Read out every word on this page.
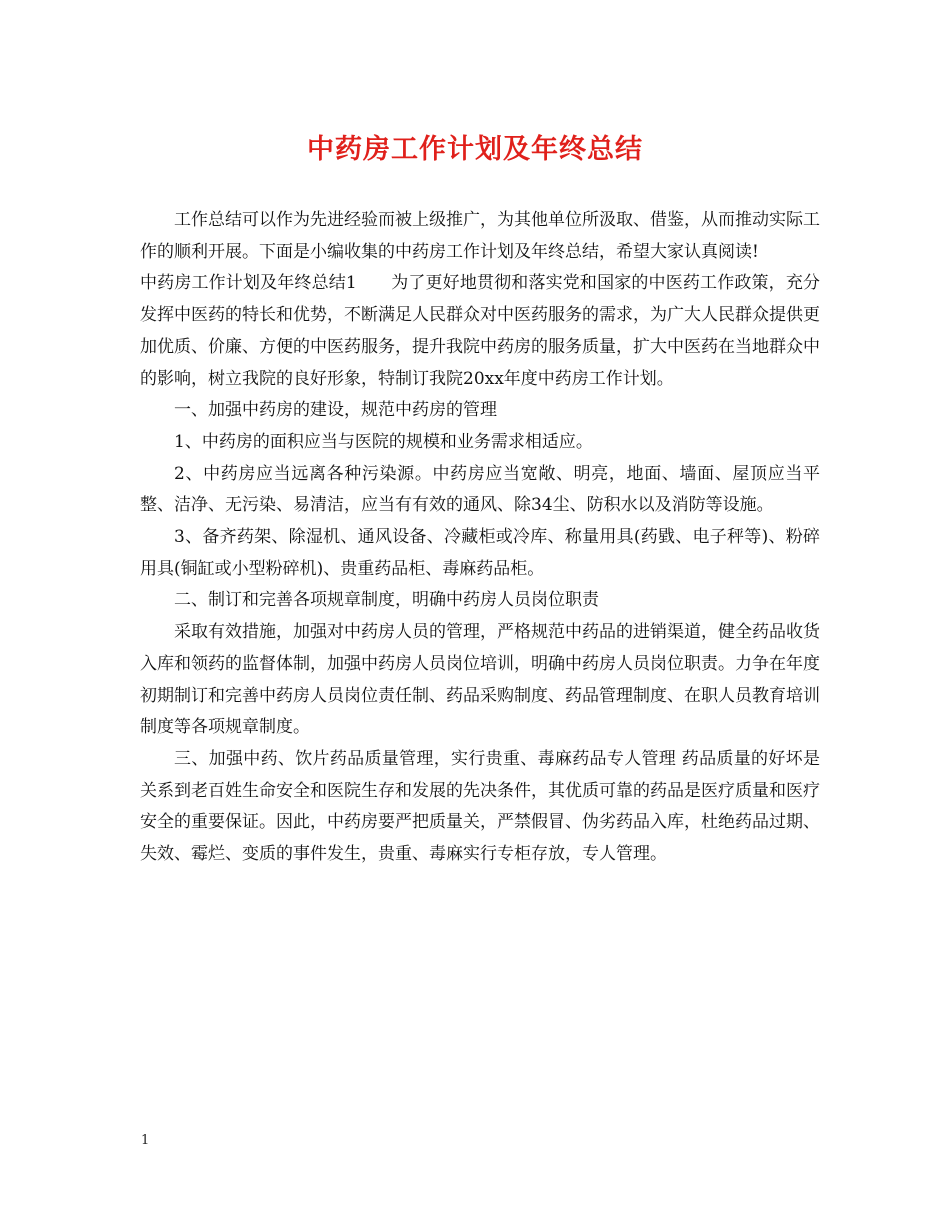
中药房工作计划及年终总结

工作总结可以作为先进经验而被上级推广，为其他单位所汲取、借鉴，从而推动实际工作的顺利开展。下面是小编收集的中药房工作计划及年终总结，希望大家认真阅读!

中药房工作计划及年终总结1　　为了更好地贯彻和落实党和国家的中医药工作政策，充分发挥中医药的特长和优势，不断满足人民群众对中医药服务的需求，为广大人民群众提供更加优质、价廉、方便的中医药服务，提升我院中药房的服务质量，扩大中医药在当地群众中的影响，树立我院的良好形象，特制订我院20xx年度中药房工作计划。

一、加强中药房的建设，规范中药房的管理

1、中药房的面积应当与医院的规模和业务需求相适应。

2、中药房应当远离各种污染源。中药房应当宽敞、明亮，地面、墙面、屋顶应当平整、洁净、无污染、易清洁，应当有有效的通风、除34尘、防积水以及消防等设施。

3、备齐药架、除湿机、通风设备、冷藏柜或冷库、称量用具(药戥、电子秤等)、粉碎用具(铜缸或小型粉碎机)、贵重药品柜、毒麻药品柜。

二、制订和完善各项规章制度，明确中药房人员岗位职责

采取有效措施，加强对中药房人员的管理，严格规范中药品的进销渠道，健全药品收货入库和领药的监督体制，加强中药房人员岗位培训，明确中药房人员岗位职责。力争在年度初期制订和完善中药房人员岗位责任制、药品采购制度、药品管理制度、在职人员教育培训制度等各项规章制度。

三、加强中药、饮片药品质量管理，实行贵重、毒麻药品专人管理 药品质量的好坏是关系到老百姓生命安全和医院生存和发展的先决条件，其优质可靠的药品是医疗质量和医疗安全的重要保证。因此，中药房要严把质量关，严禁假冒、伪劣药品入库，杜绝药品过期、失效、霉烂、变质的事件发生，贵重、毒麻实行专柜存放，专人管理。

1
